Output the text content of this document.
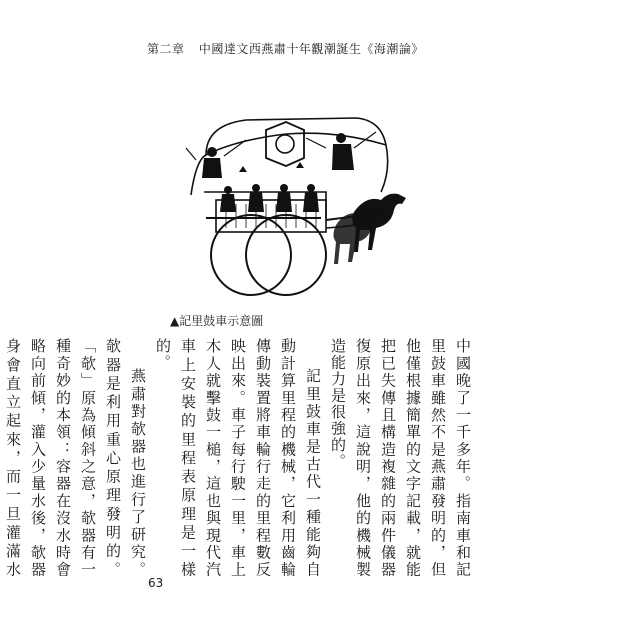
第二章 中國達文西燕肅十年觀潮誕生《海潮論》
▲記里鼓車示意圖

中國晚了一千多年。指南車和記里鼓車雖然不是燕肅發明的，但他僅根據簡單的文字記載，就能把已失傳且構造複雜的兩件儀器復原出來，這說明，他的機械製造能力是很強的。

記里鼓車是古代一種能夠自動計算里程的機械，它利用齒輪傳動裝置將車輪行走的里程數反映出來。車子每行駛一里，車上木人就擊鼓一槌，這也與現代汽車上安裝的里程表原理是一樣的。

燕肅對欹器也進行了研究。欹器是利用重心原理發明的。「欹」原為傾斜之意，欹器有一種奇妙的本領：容器在沒水時會略向前傾，灌入少量水後，欹器身會直立起來，而一旦灌滿水

63
